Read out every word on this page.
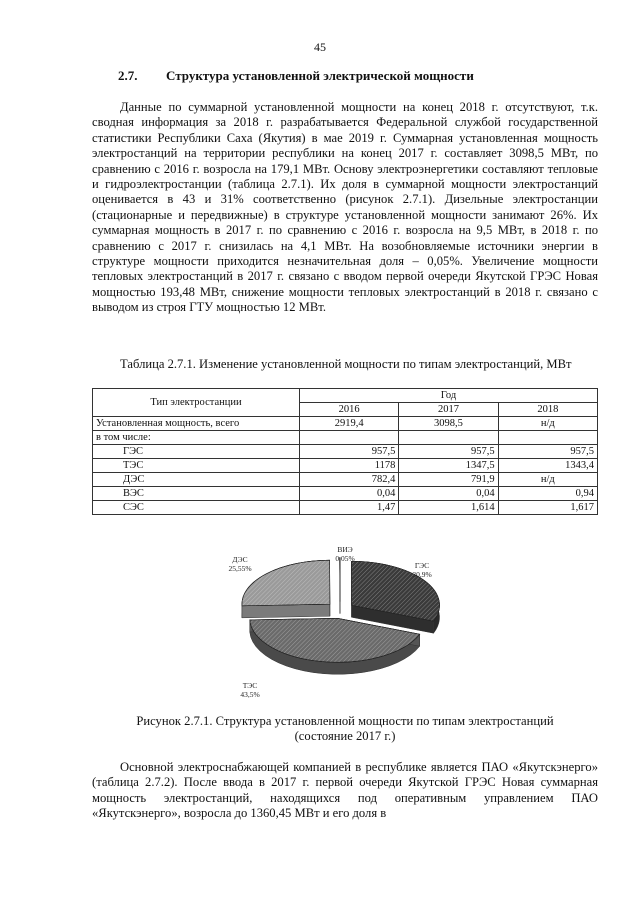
45
2.7. Структура установленной электрической мощности

Данные по суммарной установленной мощности на конец 2018 г. отсутствуют, т.к. сводная информация за 2018 г. разрабатывается Федеральной службой государственной статистики Республики Саха (Якутия) в мае 2019 г. Суммарная установленная мощность электростанций на территории республики на конец 2017 г. составляет 3098,5 МВт, по сравнению с 2016 г. возросла на 179,1 МВт. Основу электроэнергетики составляют тепловые и гидроэлектростанции (таблица 2.7.1). Их доля в суммарной мощности электростанций оценивается в 43 и 31% соответственно (рисунок 2.7.1). Дизельные электростанции (стационарные и передвижные) в структуре установленной мощности занимают 26%. Их суммарная мощность в 2017 г. по сравнению с 2016 г. возросла на 9,5 МВт, в 2018 г. по сравнению с 2017 г. снизилась на 4,1 МВт. На возобновляемые источники энергии в структуре мощности приходится незначительная доля – 0,05%. Увеличение мощности тепловых электростанций в 2017 г. связано с вводом первой очереди Якутской ГРЭС Новая мощностью 193,48 МВт, снижение мощности тепловых электростанций в 2018 г. связано с выводом из строя ГТУ мощностью 12 МВт.

Таблица 2.7.1. Изменение установленной мощности по типам электростанций, МВт

Тип электростанции	Год		
	2016	2017	2018
Установленная мощность, всего	2919,4	3098,5	н/д
в том числе:			
ГЭС	957,5	957,5	957,5
ТЭС	1178	1347,5	1343,4
ДЭС	782,4	791,9	н/д
ВЭС	0,04	0,04	0,94
СЭС	1,47	1,614	1,617
ГЭС
30,9%
ТЭС
43,5%
ДЭС
25,55%
ВИЭ
0,05%

Рисунок 2.7.1. Структура установленной мощности по типам электростанций
(состояние 2017 г.)

Основной электроснабжающей компанией в республике является ПАО «Якутскэнерго» (таблица 2.7.2). После ввода в 2017 г. первой очереди Якутской ГРЭС Новая суммарная мощность электростанций, находящихся под оперативным управлением ПАО «Якутскэнерго», возросла до 1360,45 МВт и его доля в
